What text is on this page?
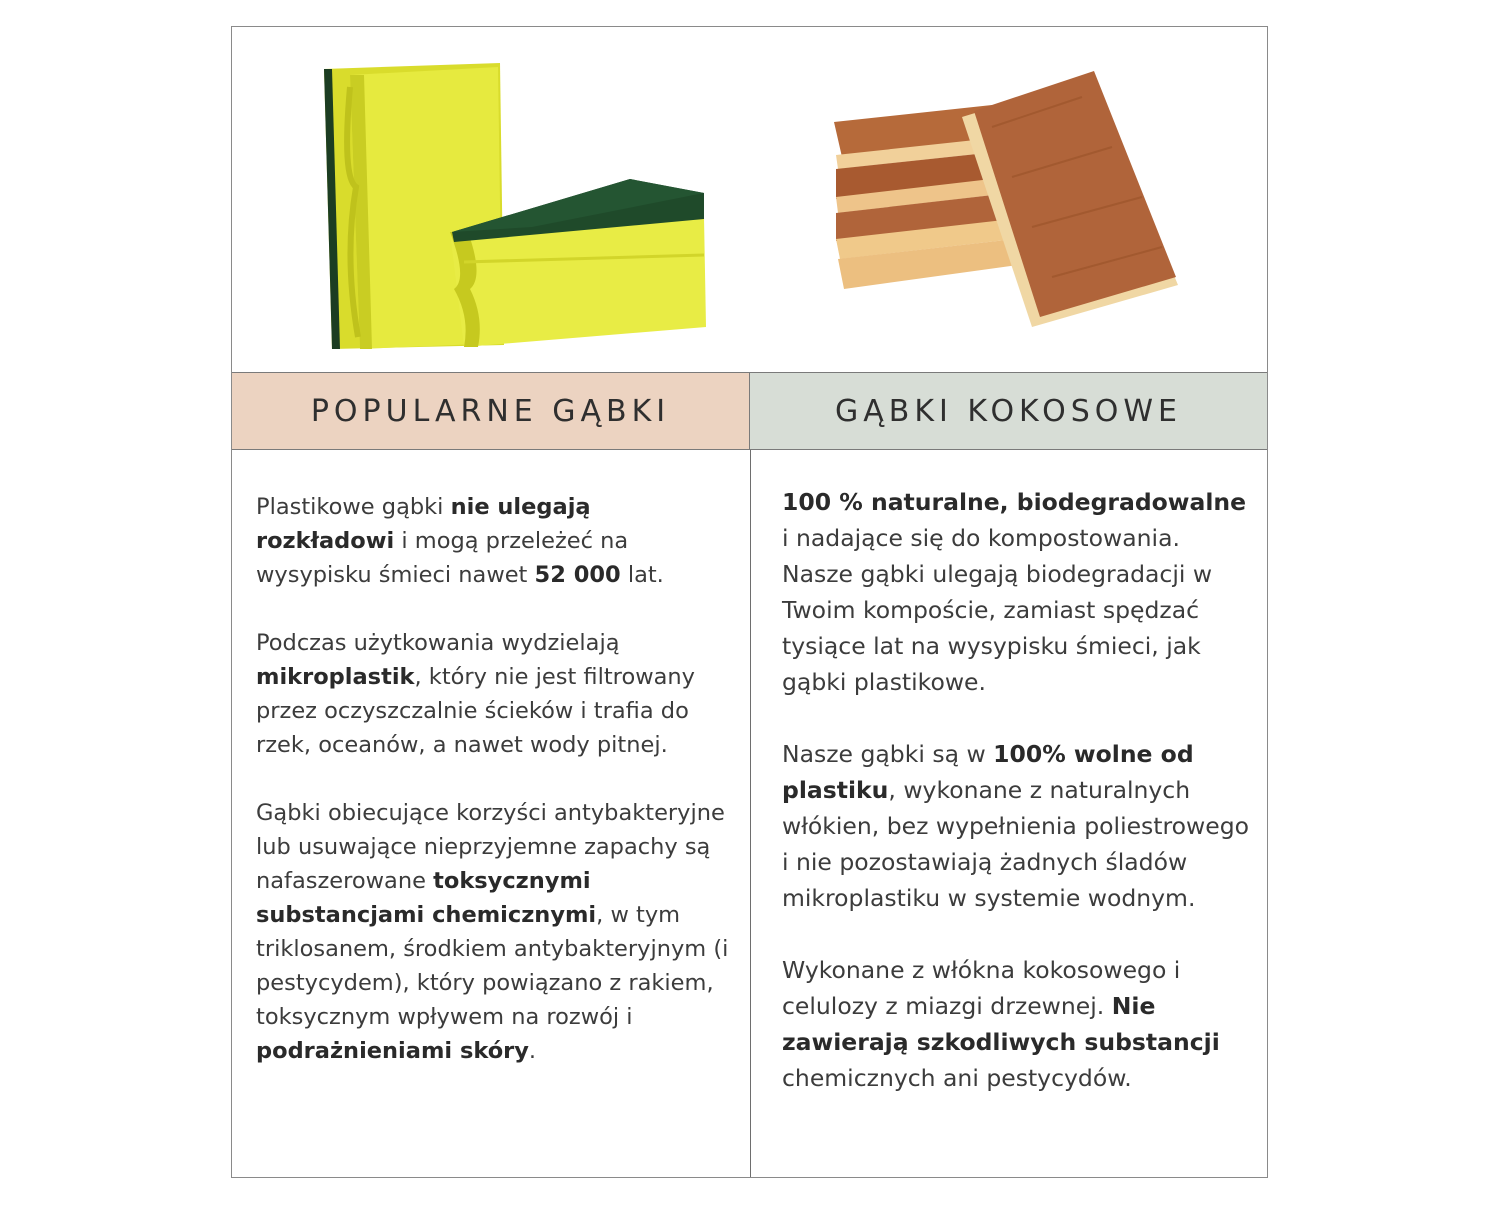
POPULARNE GĄBKI	GĄBKI KOKOSOWE

Plastikowe gąbki nie ulegają rozkładowi i mogą przeleżeć na wysypisku śmieci nawet 52 000 lat.

Podczas użytkowania wydzielają mikroplastik, który nie jest filtrowany przez oczyszczalnie ścieków i trafia do rzek, oceanów, a nawet wody pitnej.

Gąbki obiecujące korzyści antybakteryjne lub usuwające nieprzyjemne zapachy są nafaszerowane toksycznymi substancjami chemicznymi, w tym triklosanem, środkiem antybakteryjnym (i pestycydem), który powiązano z rakiem, toksycznym wpływem na rozwój i podrażnieniami skóry.

100 % naturalne, biodegradowalne i nadające się do kompostowania. Nasze gąbki ulegają biodegradacji w Twoim kompoście, zamiast spędzać tysiące lat na wysypisku śmieci, jak gąbki plastikowe.

Nasze gąbki są w 100% wolne od plastiku, wykonane z naturalnych włókien, bez wypełnienia poliestrowego i nie pozostawiają żadnych śladów mikroplastiku w systemie wodnym.

Wykonane z włókna kokosowego i celulozy z miazgi drzewnej. Nie zawierają szkodliwych substancji chemicznych ani pestycydów.
